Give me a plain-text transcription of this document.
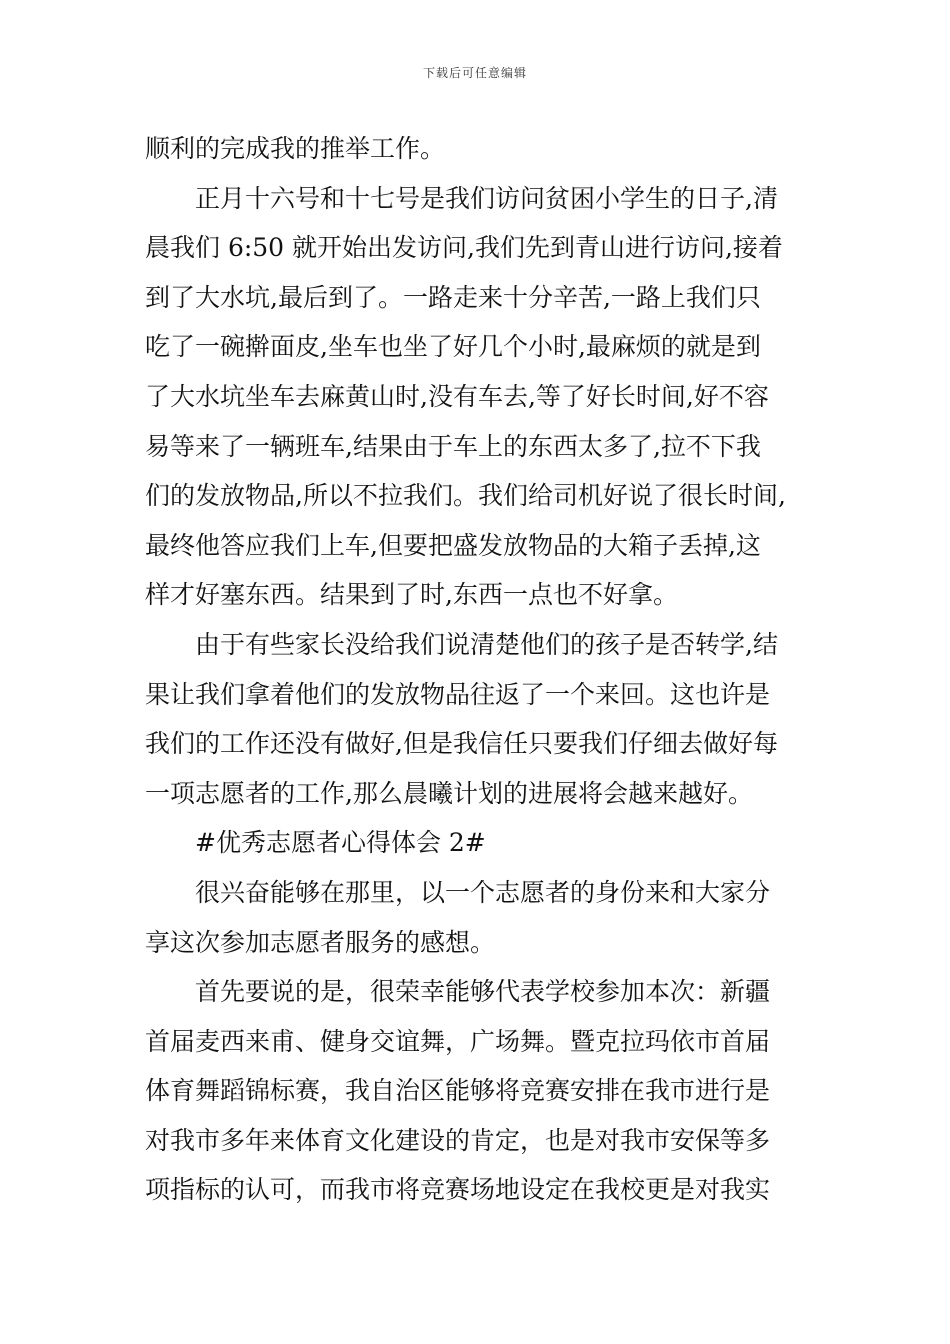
下载后可任意编辑
顺利的完成我的推举工作。
正月十六号和十七号是我们访问贫困小学生的日子,清
晨我们 6:50 就开始出发访问,我们先到青山进行访问,接着
到了大水坑,最后到了。一路走来十分辛苦,一路上我们只
吃了一碗擀面皮,坐车也坐了好几个小时,最麻烦的就是到
了大水坑坐车去麻黄山时,没有车去,等了好长时间,好不容
易等来了一辆班车,结果由于车上的东西太多了,拉不下我
们的发放物品,所以不拉我们。我们给司机好说了很长时间,
最终他答应我们上车,但要把盛发放物品的大箱子丢掉,这
样才好塞东西。结果到了时,东西一点也不好拿。
由于有些家长没给我们说清楚他们的孩子是否转学,结
果让我们拿着他们的发放物品往返了一个来回。这也许是
我们的工作还没有做好,但是我信任只要我们仔细去做好每
一项志愿者的工作,那么晨曦计划的进展将会越来越好。
#优秀志愿者心得体会 2#
很兴奋能够在那里，以一个志愿者的身份来和大家分
享这次参加志愿者服务的感想。
首先要说的是，很荣幸能够代表学校参加本次：新疆
首届麦西来甫、健身交谊舞，广场舞。暨克拉玛依市首届
体育舞蹈锦标赛，我自治区能够将竞赛安排在我市进行是
对我市多年来体育文化建设的肯定，也是对我市安保等多
项指标的认可，而我市将竞赛场地设定在我校更是对我实
